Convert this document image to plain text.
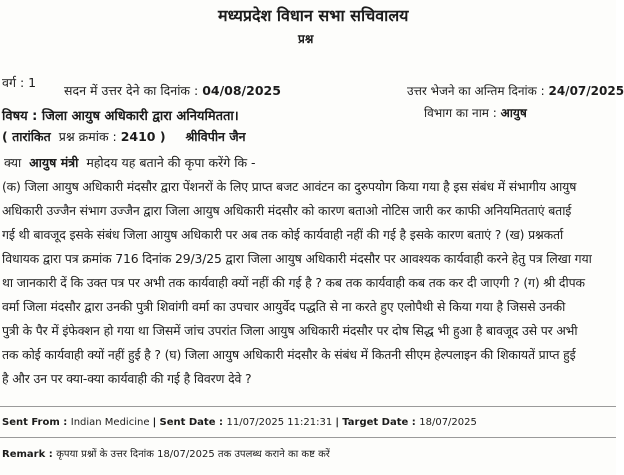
मध्यप्रदेश विधान सभा सचिवालय
प्रश्न
वर्ग : 1
सदन में उत्तर देने का दिनांक : 04/08/2025	उत्तर भेजने का अन्तिम दिनांक : 24/07/2025
विषय : जिला आयुष अधिकारी द्वारा अनियमितता।	विभाग का नाम : आयुष
( तारांकित प्रश्न क्रमांक : 2410 ) श्रीविपीन जैन
क्या आयुष मंत्री महोदय यह बताने की कृपा करेंगे कि -
(क) जिला आयुष अधिकारी मंदसौर द्वारा पेंशनरों के लिए प्राप्त बजट आवंटन का दुरुपयोग किया गया है इस संबंध में संभागीय आयुष
अधिकारी उज्जैन संभाग उज्जैन द्वारा जिला आयुष अधिकारी मंदसौर को कारण बताओ नोटिस जारी कर काफी अनियमितताएं बताई
गई थी बावजूद इसके संबंध जिला आयुष अधिकारी पर अब तक कोई कार्यवाही नहीं की गई है इसके कारण बताएं ? (ख) प्रश्नकर्ता
विधायक द्वारा पत्र क्रमांक 716 दिनांक 29/3/25 द्वारा जिला आयुष अधिकारी मंदसौर पर आवश्यक कार्यवाही करने हेतु पत्र लिखा गया
था जानकारी दें कि उक्त पत्र पर अभी तक कार्यवाही क्यों नहीं की गई है ? कब तक कार्यवाही कब तक कर दी जाएगी ? (ग) श्री दीपक
वर्मा जिला मंदसौर द्वारा उनकी पुत्री शिवांगी वर्मा का उपचार आयुर्वेद पद्धति से ना करते हुए एलोपैथी से किया गया है जिससे उनकी
पुत्री के पैर में इंफेक्शन हो गया था जिसमें जांच उपरांत जिला आयुष अधिकारी मंदसौर पर दोष सिद्ध भी हुआ है बावजूद उसे पर अभी
तक कोई कार्यवाही क्यों नहीं हुई है ? (घ) जिला आयुष अधिकारी मंदसौर के संबंध में कितनी सीएम हेल्पलाइन की शिकायतें प्राप्त हुई
है और उन पर क्या-क्या कार्यवाही की गई है विवरण देवे ?
Sent From : Indian Medicine | Sent Date : 11/07/2025 11:21:31 | Target Date : 18/07/2025
Remark : कृपया प्रश्नों के उत्तर दिनांक 18/07/2025 तक उपलब्ध कराने का कष्ट करें
